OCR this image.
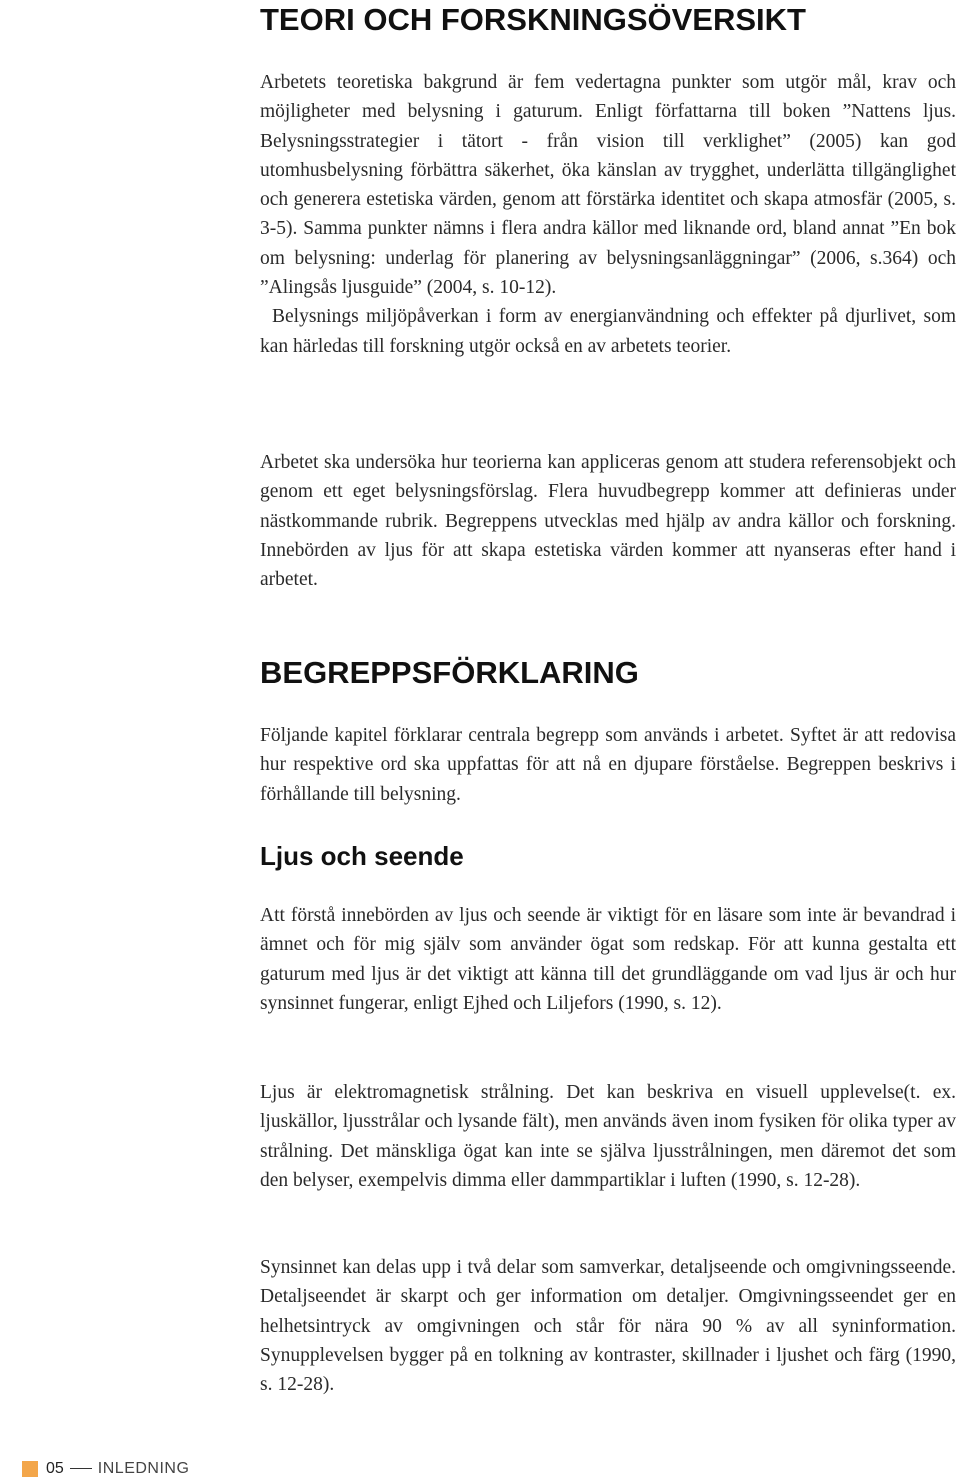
TEORI OCH FORSKNINGSÖVERSIKT

Arbetets teoretiska bakgrund är fem vedertagna punkter som utgör mål, krav och möjligheter med belysning i gaturum. Enligt författarna till boken ”Nattens ljus. Belysningsstrategier i tätort - från vision till verklighet” (2005) kan god utomhusbelysning förbättra säkerhet, öka känslan av trygghet, underlätta tillgänglighet och generera estetiska värden, genom att förstärka identitet och skapa atmosfär (2005, s. 3-5). Samma punkter nämns i flera andra källor med liknande ord, bland annat ”En bok om belysning: underlag för planering av belysningsanläggningar” (2006, s.364) och ”Alingsås ljusguide” (2004, s. 10-12).

Belysnings miljöpåverkan i form av energianvändning och effekter på djurlivet, som kan härledas till forskning utgör också en av arbetets teorier.

Arbetet ska undersöka hur teorierna kan appliceras genom att studera referensobjekt och genom ett eget belysningsförslag. Flera huvudbegrepp kommer att definieras under nästkommande rubrik. Begreppens utvecklas med hjälp av andra källor och forskning. Innebörden av ljus för att skapa estetiska värden kommer att nyanseras efter hand i arbetet.

BEGREPPSFÖRKLARING

Följande kapitel förklarar centrala begrepp som används i arbetet. Syftet är att redovisa hur respektive ord ska uppfattas för att nå en djupare förståelse. Begreppen beskrivs i förhållande till belysning.

Ljus och seende

Att förstå innebörden av ljus och seende är viktigt för en läsare som inte är bevandrad i ämnet och för mig själv som använder ögat som redskap. För att kunna gestalta ett gaturum med ljus är det viktigt att känna till det grundläggande om vad ljus är och hur synsinnet fungerar, enligt Ejhed och Liljefors (1990, s. 12).

Ljus är elektromagnetisk strålning. Det kan beskriva en visuell upplevelse(t. ex. ljuskällor, ljusstrålar och lysande fält), men används även inom fysiken för olika typer av strålning. Det mänskliga ögat kan inte se själva ljusstrålningen, men däremot det som den belyser, exempelvis dimma eller dammpartiklar i luften (1990, s. 12-28).

Synsinnet kan delas upp i två delar som samverkar, detaljseende och omgivningsseende. Detaljseendet är skarpt och ger information om detaljer. Omgivningsseendet ger en helhetsintryck av omgivningen och står för nära 90 % av all syninformation. Synupplevelsen bygger på en tolkning av kontraster, skillnader i ljushet och färg (1990, s. 12-28).

05 INLEDNING
